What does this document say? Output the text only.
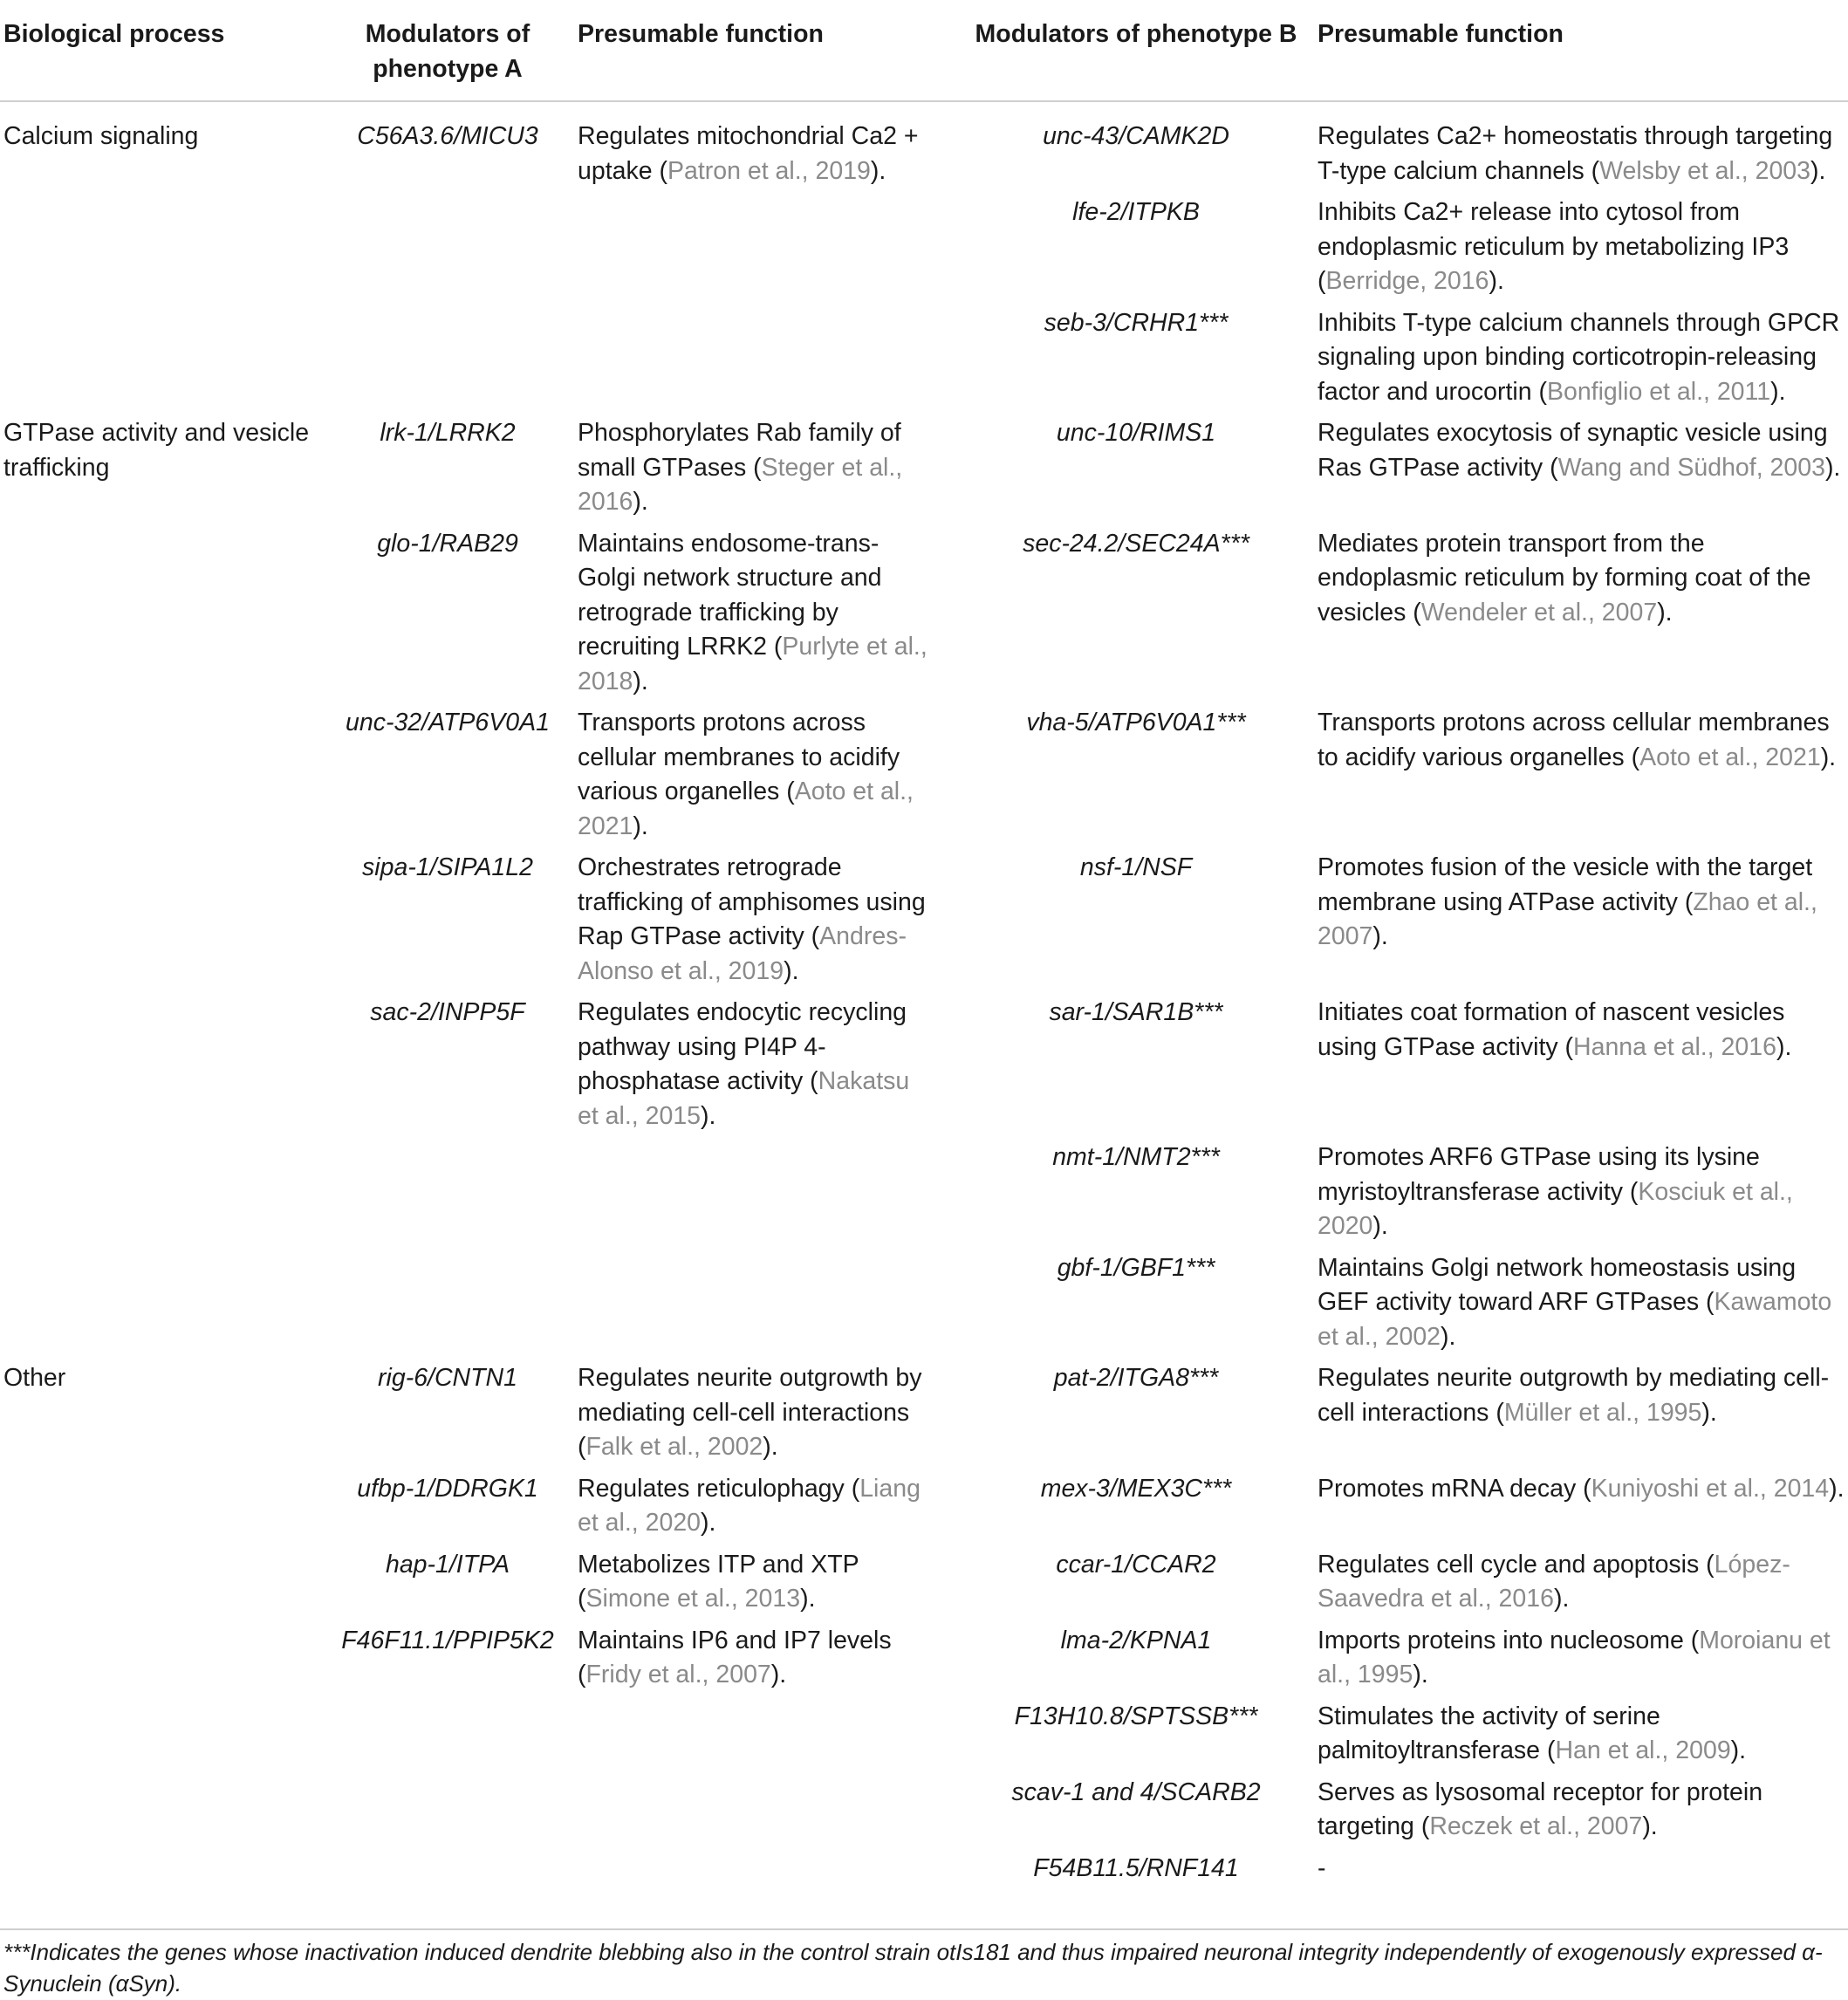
Biological process	Modulators of phenotype A	Presumable function	Modulators of phenotype B	Presumable function
Calcium signaling	C56A3.6/MICU3	Regulates mitochondrial Ca2 + uptake (Patron et al., 2019).	unc-43/CAMK2D	Regulates Ca2+ homeostatis through targeting T-type calcium channels (Welsby et al., 2003).
			lfe-2/ITPKB	Inhibits Ca2+ release into cytosol from endoplasmic reticulum by metabolizing IP3 (Berridge, 2016).
			seb-3/CRHR1***	Inhibits T-type calcium channels through GPCR signaling upon binding corticotropin-releasing factor and urocortin (Bonfiglio et al., 2011).
GTPase activity and vesicle trafficking	lrk-1/LRRK2	Phosphorylates Rab family of small GTPases (Steger et al., 2016).	unc-10/RIMS1	Regulates exocytosis of synaptic vesicle using Ras GTPase activity (Wang and Südhof, 2003).
	glo-1/RAB29	Maintains endosome-trans-Golgi network structure and retrograde trafficking by recruiting LRRK2 (Purlyte et al., 2018).	sec-24.2/SEC24A***	Mediates protein transport from the endoplasmic reticulum by forming coat of the vesicles (Wendeler et al., 2007).
	unc-32/ATP6V0A1	Transports protons across cellular membranes to acidify various organelles (Aoto et al., 2021).	vha-5/ATP6V0A1***	Transports protons across cellular membranes to acidify various organelles (Aoto et al., 2021).
	sipa-1/SIPA1L2	Orchestrates retrograde trafficking of amphisomes using Rap GTPase activity (Andres-Alonso et al., 2019).	nsf-1/NSF	Promotes fusion of the vesicle with the target membrane using ATPase activity (Zhao et al., 2007).
	sac-2/INPP5F	Regulates endocytic recycling pathway using PI4P 4-phosphatase activity (Nakatsu et al., 2015).	sar-1/SAR1B***	Initiates coat formation of nascent vesicles using GTPase activity (Hanna et al., 2016).
			nmt-1/NMT2***	Promotes ARF6 GTPase using its lysine myristoyltransferase activity (Kosciuk et al., 2020).
			gbf-1/GBF1***	Maintains Golgi network homeostasis using GEF activity toward ARF GTPases (Kawamoto et al., 2002).
Other	rig-6/CNTN1	Regulates neurite outgrowth by mediating cell-cell interactions (Falk et al., 2002).	pat-2/ITGA8***	Regulates neurite outgrowth by mediating cell-cell interactions (Müller et al., 1995).
	ufbp-1/DDRGK1	Regulates reticulophagy (Liang et al., 2020).	mex-3/MEX3C***	Promotes mRNA decay (Kuniyoshi et al., 2014).
	hap-1/ITPA	Metabolizes ITP and XTP (Simone et al., 2013).	ccar-1/CCAR2	Regulates cell cycle and apoptosis (López-Saavedra et al., 2016).
	F46F11.1/PPIP5K2	Maintains IP6 and IP7 levels (Fridy et al., 2007).	lma-2/KPNA1	Imports proteins into nucleosome (Moroianu et al., 1995).
			F13H10.8/SPTSSB***	Stimulates the activity of serine palmitoyltransferase (Han et al., 2009).
			scav-1 and 4/SCARB2	Serves as lysosomal receptor for protein targeting (Reczek et al., 2007).
			F54B11.5/RNF141	-
***Indicates the genes whose inactivation induced dendrite blebbing also in the control strain otIs181 and thus impaired neuronal integrity independently of exogenously expressed α-Synuclein (αSyn).
